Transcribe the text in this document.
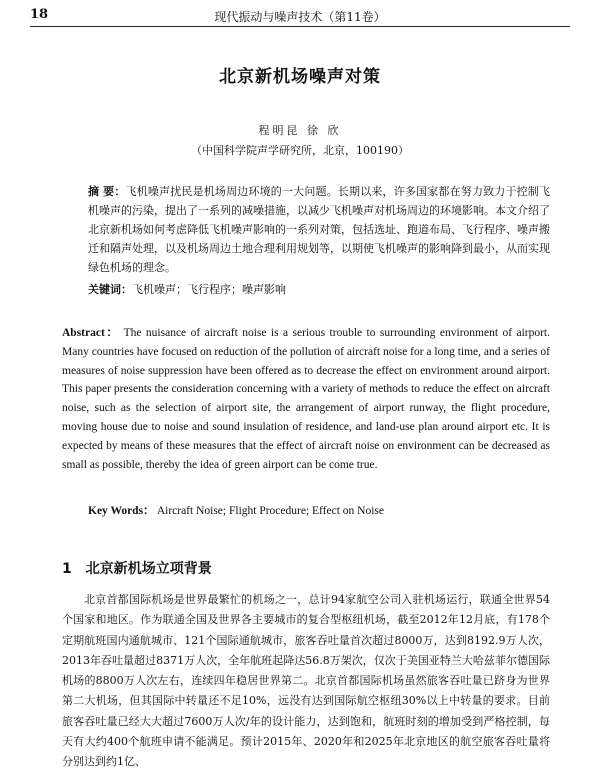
18	现代振动与噪声技术（第11卷）
北京新机场噪声对策
程明昆 徐 欣
（中国科学院声学研究所，北京，100190）
摘 要：飞机噪声扰民是机场周边环境的一大问题。长期以来，许多国家都在努力致力于控制飞机噪声的污染，提出了一系列的减噪措施，以减少飞机噪声对机场周边的环境影响。本文介绍了北京新机场如何考虑降低飞机噪声影响的一系列对策，包括选址、跑道布局、飞行程序、噪声搬迁和隔声处理，以及机场周边土地合理利用规划等，以期使飞机噪声的影响降到最小，从而实现绿色机场的理念。
关键词：飞机噪声；飞行程序；噪声影响
Abstract： The nuisance of aircraft noise is a serious trouble to surrounding environment of airport. Many countries have focused on reduction of the pollution of aircraft noise for a long time, and a series of measures of noise suppression have been offered as to decrease the effect on environment around airport. This paper presents the consideration concerning with a variety of methods to reduce the effect on aircraft noise, such as the selection of airport site, the arrangement of airport runway, the flight procedure, moving house due to noise and sound insulation of residence, and land-use plan around airport etc. It is expected by means of these measures that the effect of aircraft noise on environment can be decreased as small as possible, thereby the idea of green airport can be come true.
Key Words： Aircraft Noise; Flight Procedure; Effect on Noise
1 北京新机场立项背景
北京首都国际机场是世界最繁忙的机场之一，总计94家航空公司入驻机场运行，联通全世界54个国家和地区。作为联通全国及世界各主要城市的复合型枢纽机场，截至2012年12月底，有178个定期航班国内通航城市、121个国际通航城市，旅客吞吐量首次超过8000万，达到8192.9万人次，2013年吞吐量超过8371万人次，全年航班起降达56.8万架次，仅次于美国亚特兰大哈兹菲尔德国际机场的8800万人次左右，连续四年稳居世界第二。北京首都国际机场虽然旅客吞吐量已跻身为世界第二大机场，但其国际中转量还不足10%，远没有达到国际航空枢纽30%以上中转量的要求。目前旅客吞吐量已经大大超过7600万人次/年的设计能力，达到饱和，航班时刻的增加受到严格控制，每天有大约400个航班申请不能满足。预计2015年、2020年和2025年北京地区的航空旅客吞吐量将分别达到约1亿、
